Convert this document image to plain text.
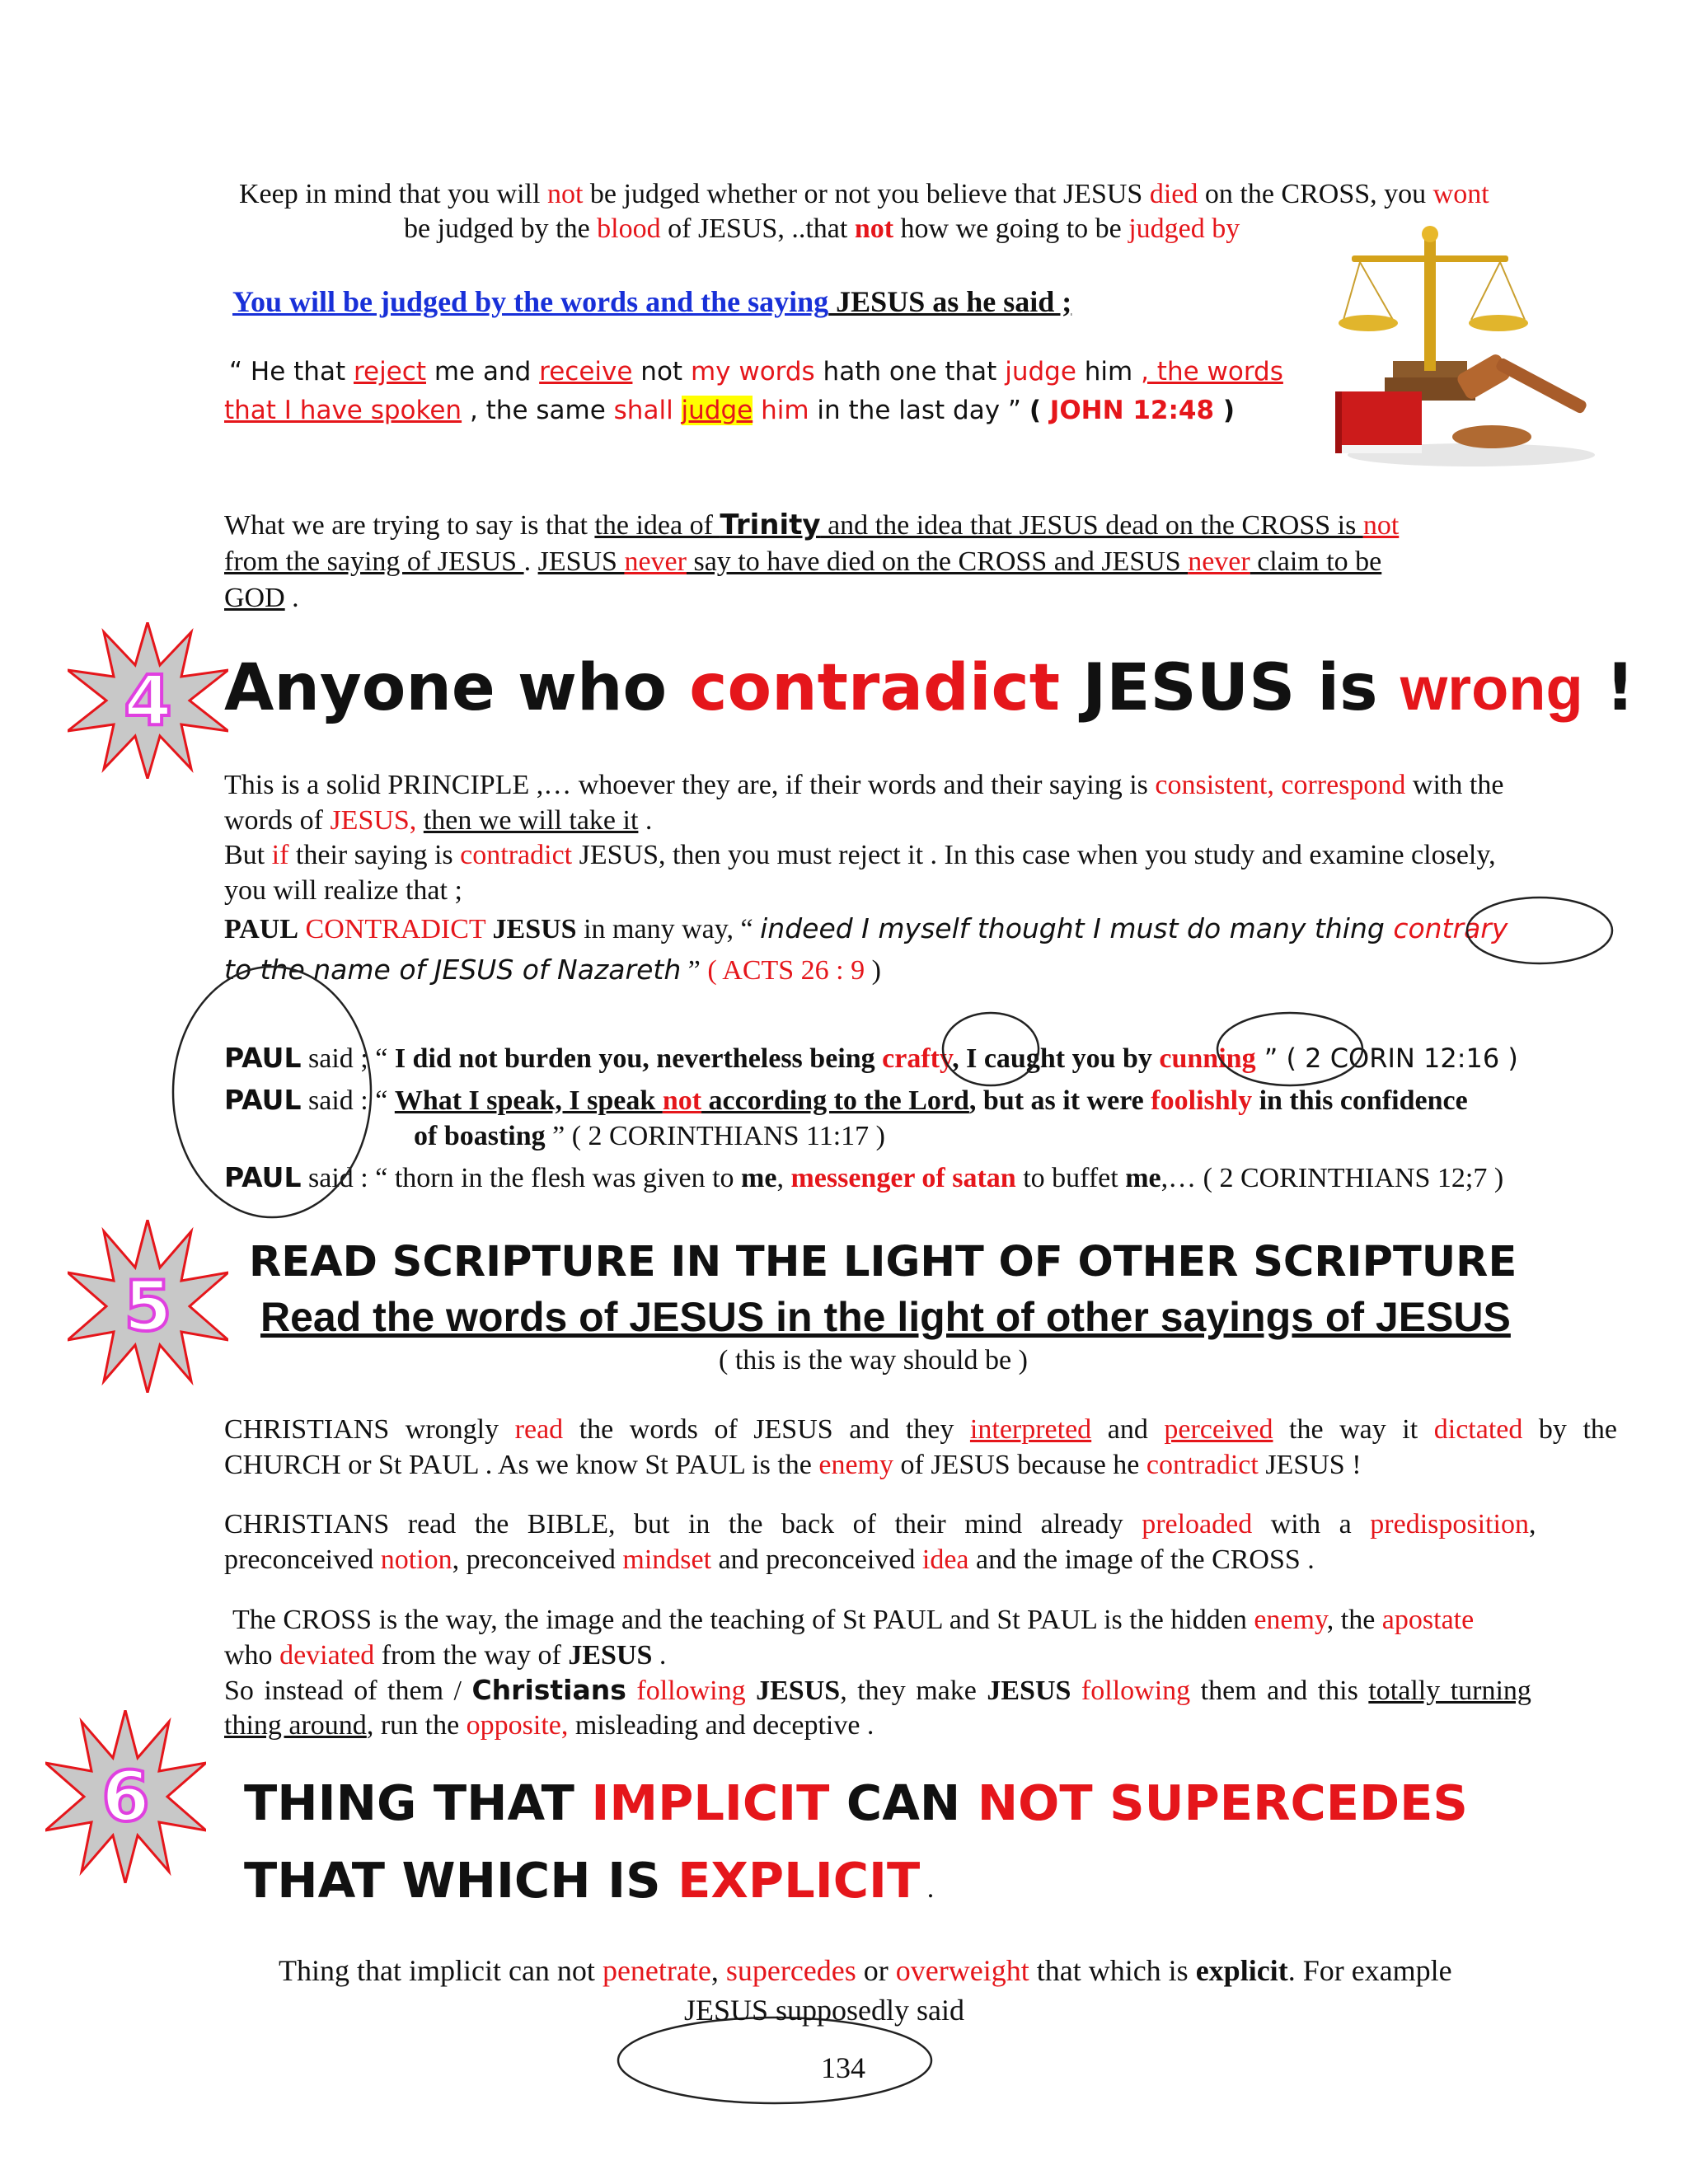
Keep in mind that you will not be judged whether or not you believe that JESUS died on the CROSS, you wont
be judged by the blood of JESUS, ..that not how we going to be judged by
You will be judged by the words and the saying JESUS as he said ;
“ He that reject me and receive not my words hath one that judge him , the words
that I have spoken , the same shall judge him in the last day ” ( JOHN 12:48 )
What we are trying to say is that the idea of Trinity and the idea that JESUS dead on the CROSS is not
from the saying of JESUS . JESUS never say to have died on the CROSS and JESUS never claim to be
GOD .
4 Anyone who contradict JESUS is wrong !
This is a solid PRINCIPLE ,… whoever they are, if their words and their saying is consistent, correspond with the
words of JESUS, then we will take it .
But if their saying is contradict JESUS, then you must reject it . In this case when you study and examine closely,
you will realize that ;
PAUL CONTRADICT JESUS in many way, “ indeed I myself thought I must do many thing contrary
to the name of JESUS of Nazareth ” ( ACTS 26 : 9 )
PAUL said ; “ I did not burden you, nevertheless being crafty, I caught you by cunning ” ( 2 CORIN 12:16 )
PAUL said : “ What I speak, I speak not according to the Lord, but as it were foolishly in this confidence
of boasting ” ( 2 CORINTHIANS 11:17 )
PAUL said : “ thorn in the flesh was given to me, messenger of satan to buffet me,… ( 2 CORINTHIANS 12;7 )
5
READ SCRIPTURE IN THE LIGHT OF OTHER SCRIPTURE
Read the words of JESUS in the light of other sayings of JESUS
( this is the way should be )
CHRISTIANS wrongly read the words of JESUS and they interpreted and perceived the way it dictated by the
CHURCH or St PAUL . As we know St PAUL is the enemy of JESUS because he contradict JESUS !
CHRISTIANS read the BIBLE, but in the back of their mind already preloaded with a predisposition,
preconceived notion, preconceived mindset and preconceived idea and the image of the CROSS .
The CROSS is the way, the image and the teaching of St PAUL and St PAUL is the hidden enemy, the apostate
who deviated from the way of JESUS .
So instead of them / Christians following JESUS, they make JESUS following them and this totally turning
thing around, run the opposite, misleading and deceptive .
6	THING THAT IMPLICIT CAN NOT SUPERCEDES
THAT WHICH IS EXPLICIT .
Thing that implicit can not penetrate, supercedes or overweight that which is explicit. For example
JESUS supposedly said
134
